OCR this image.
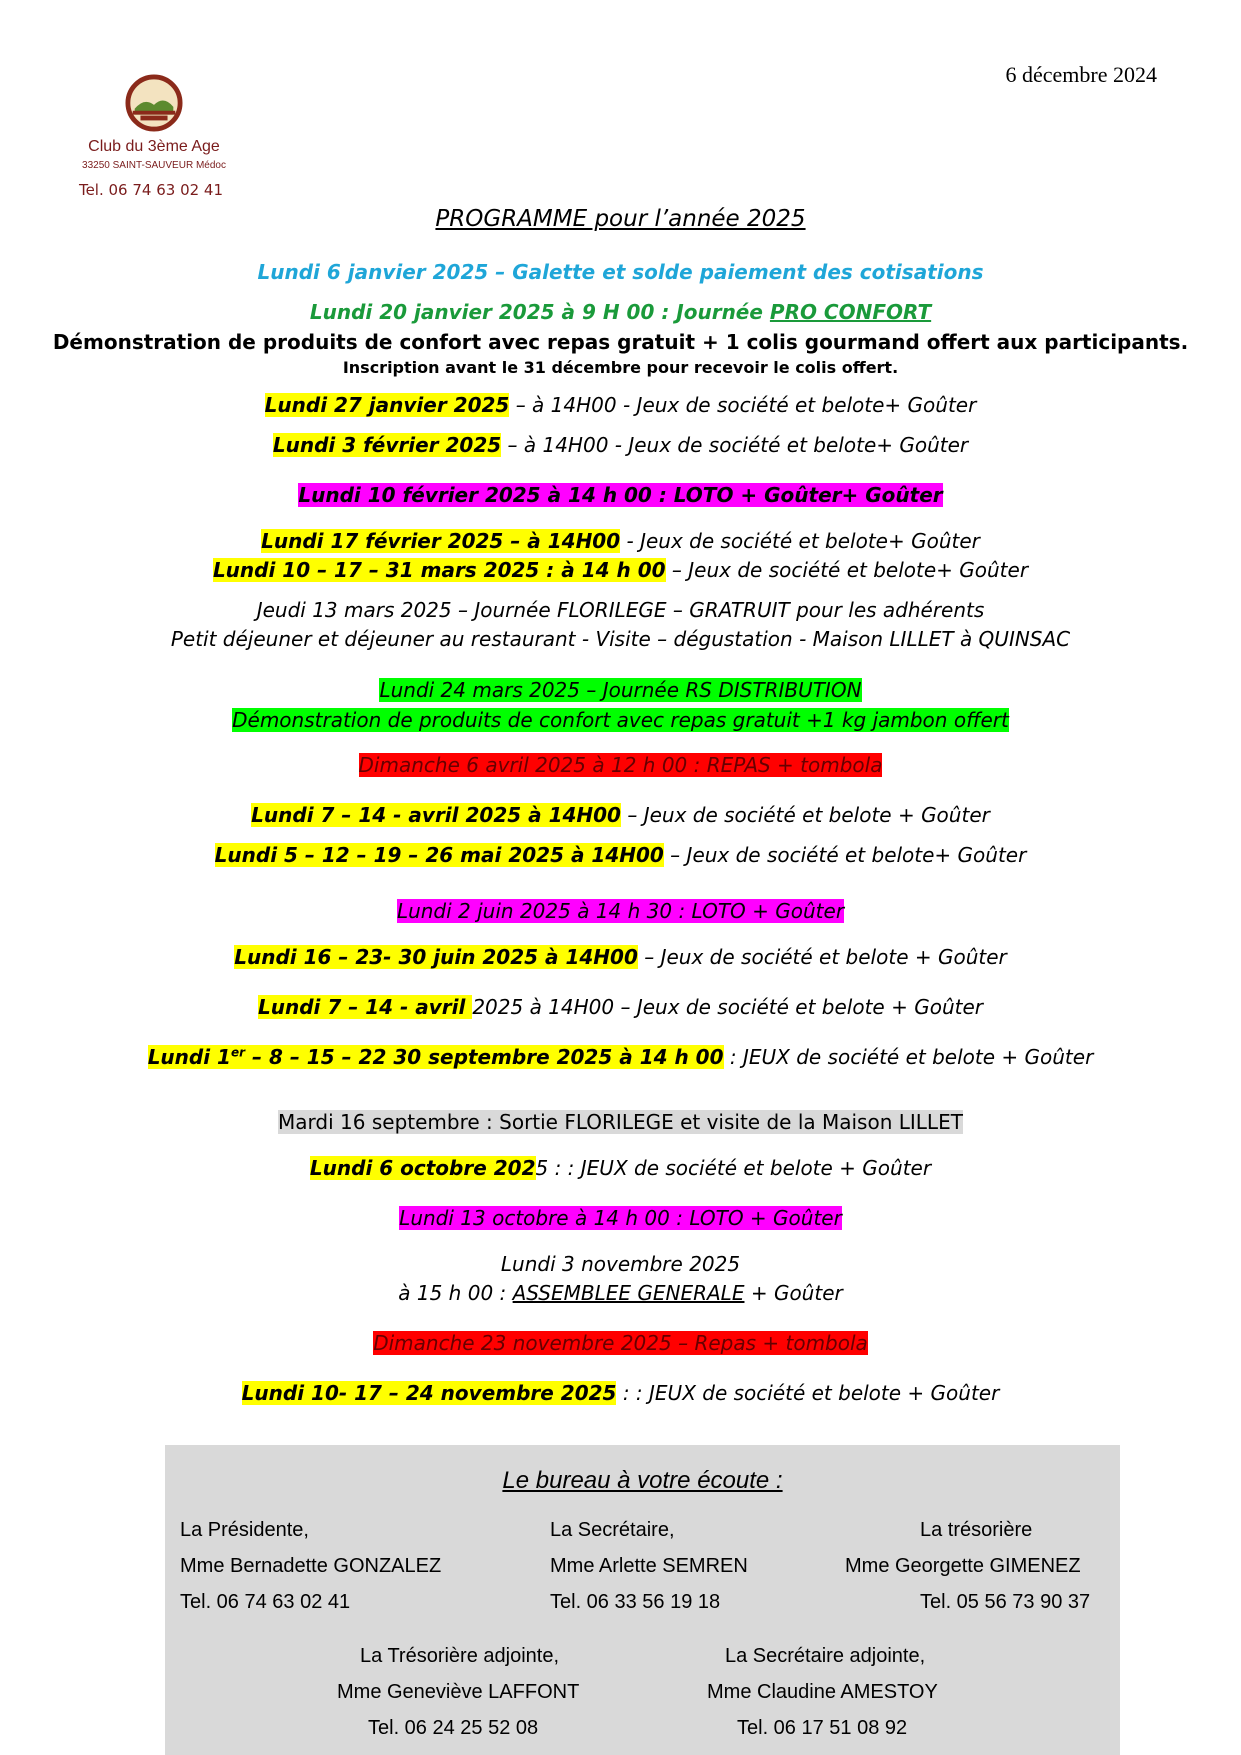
6 décembre 2024
Club du 3ème Age
33250 SAINT-SAUVEUR Médoc
Tel. 06 74 63 02 41
PROGRAMME pour l’année 2025
Lundi 6 janvier 2025 – Galette et solde paiement des cotisations
Lundi 20 janvier 2025 à 9 H 00 : Journée PRO CONFORT
Démonstration de produits de confort avec repas gratuit + 1 colis gourmand offert aux participants.
Inscription avant le 31 décembre pour recevoir le colis offert.
Lundi 27 janvier 2025 – à 14H00 - Jeux de société et belote+ Goûter
Lundi 3 février 2025 – à 14H00 - Jeux de société et belote+ Goûter
Lundi 10 février 2025 à 14 h 00 : LOTO + Goûter+ Goûter
Lundi 17 février 2025 – à 14H00 - Jeux de société et belote+ Goûter
Lundi 10 – 17 – 31 mars 2025 : à 14 h 00 – Jeux de société et belote+ Goûter
Jeudi 13 mars 2025 – Journée FLORILEGE – GRATRUIT pour les adhérents
Petit déjeuner et déjeuner au restaurant - Visite – dégustation - Maison LILLET à QUINSAC
Lundi 24 mars 2025 – Journée RS DISTRIBUTION
Démonstration de produits de confort avec repas gratuit +1 kg jambon offert
Dimanche 6 avril 2025 à 12 h 00 : REPAS + tombola
Lundi 7 – 14 - avril 2025 à 14H00 – Jeux de société et belote + Goûter
Lundi 5 – 12 – 19 – 26 mai 2025 à 14H00 – Jeux de société et belote+ Goûter
Lundi 2 juin 2025 à 14 h 30 : LOTO + Goûter
Lundi 16 – 23- 30 juin 2025 à 14H00 – Jeux de société et belote + Goûter
Lundi 7 – 14 - avril 2025 à 14H00 – Jeux de société et belote + Goûter
Lundi 1er – 8 – 15 – 22 30 septembre 2025 à 14 h 00 : JEUX de société et belote + Goûter
Mardi 16 septembre : Sortie FLORILEGE et visite de la Maison LILLET
Lundi 6 octobre 2025 : : JEUX de société et belote + Goûter
Lundi 13 octobre à 14 h 00 : LOTO + Goûter
Lundi 3 novembre 2025
à 15 h 00 : ASSEMBLEE GENERALE + Goûter
Dimanche 23 novembre 2025 – Repas + tombola
Lundi 10- 17 – 24 novembre 2025 : : JEUX de société et belote + Goûter
Le bureau à votre écoute :
La Présidente,
Mme Bernadette GONZALEZ
Tel. 06 74 63 02 41
La Secrétaire,
Mme Arlette SEMREN
Tel. 06 33 56 19 18
La trésorière
Mme Georgette GIMENEZ
Tel. 05 56 73 90 37
La Trésorière adjointe,
Mme Geneviève LAFFONT
Tel. 06 24 25 52 08
La Secrétaire adjointe,
Mme Claudine AMESTOY
Tel. 06 17 51 08 92
